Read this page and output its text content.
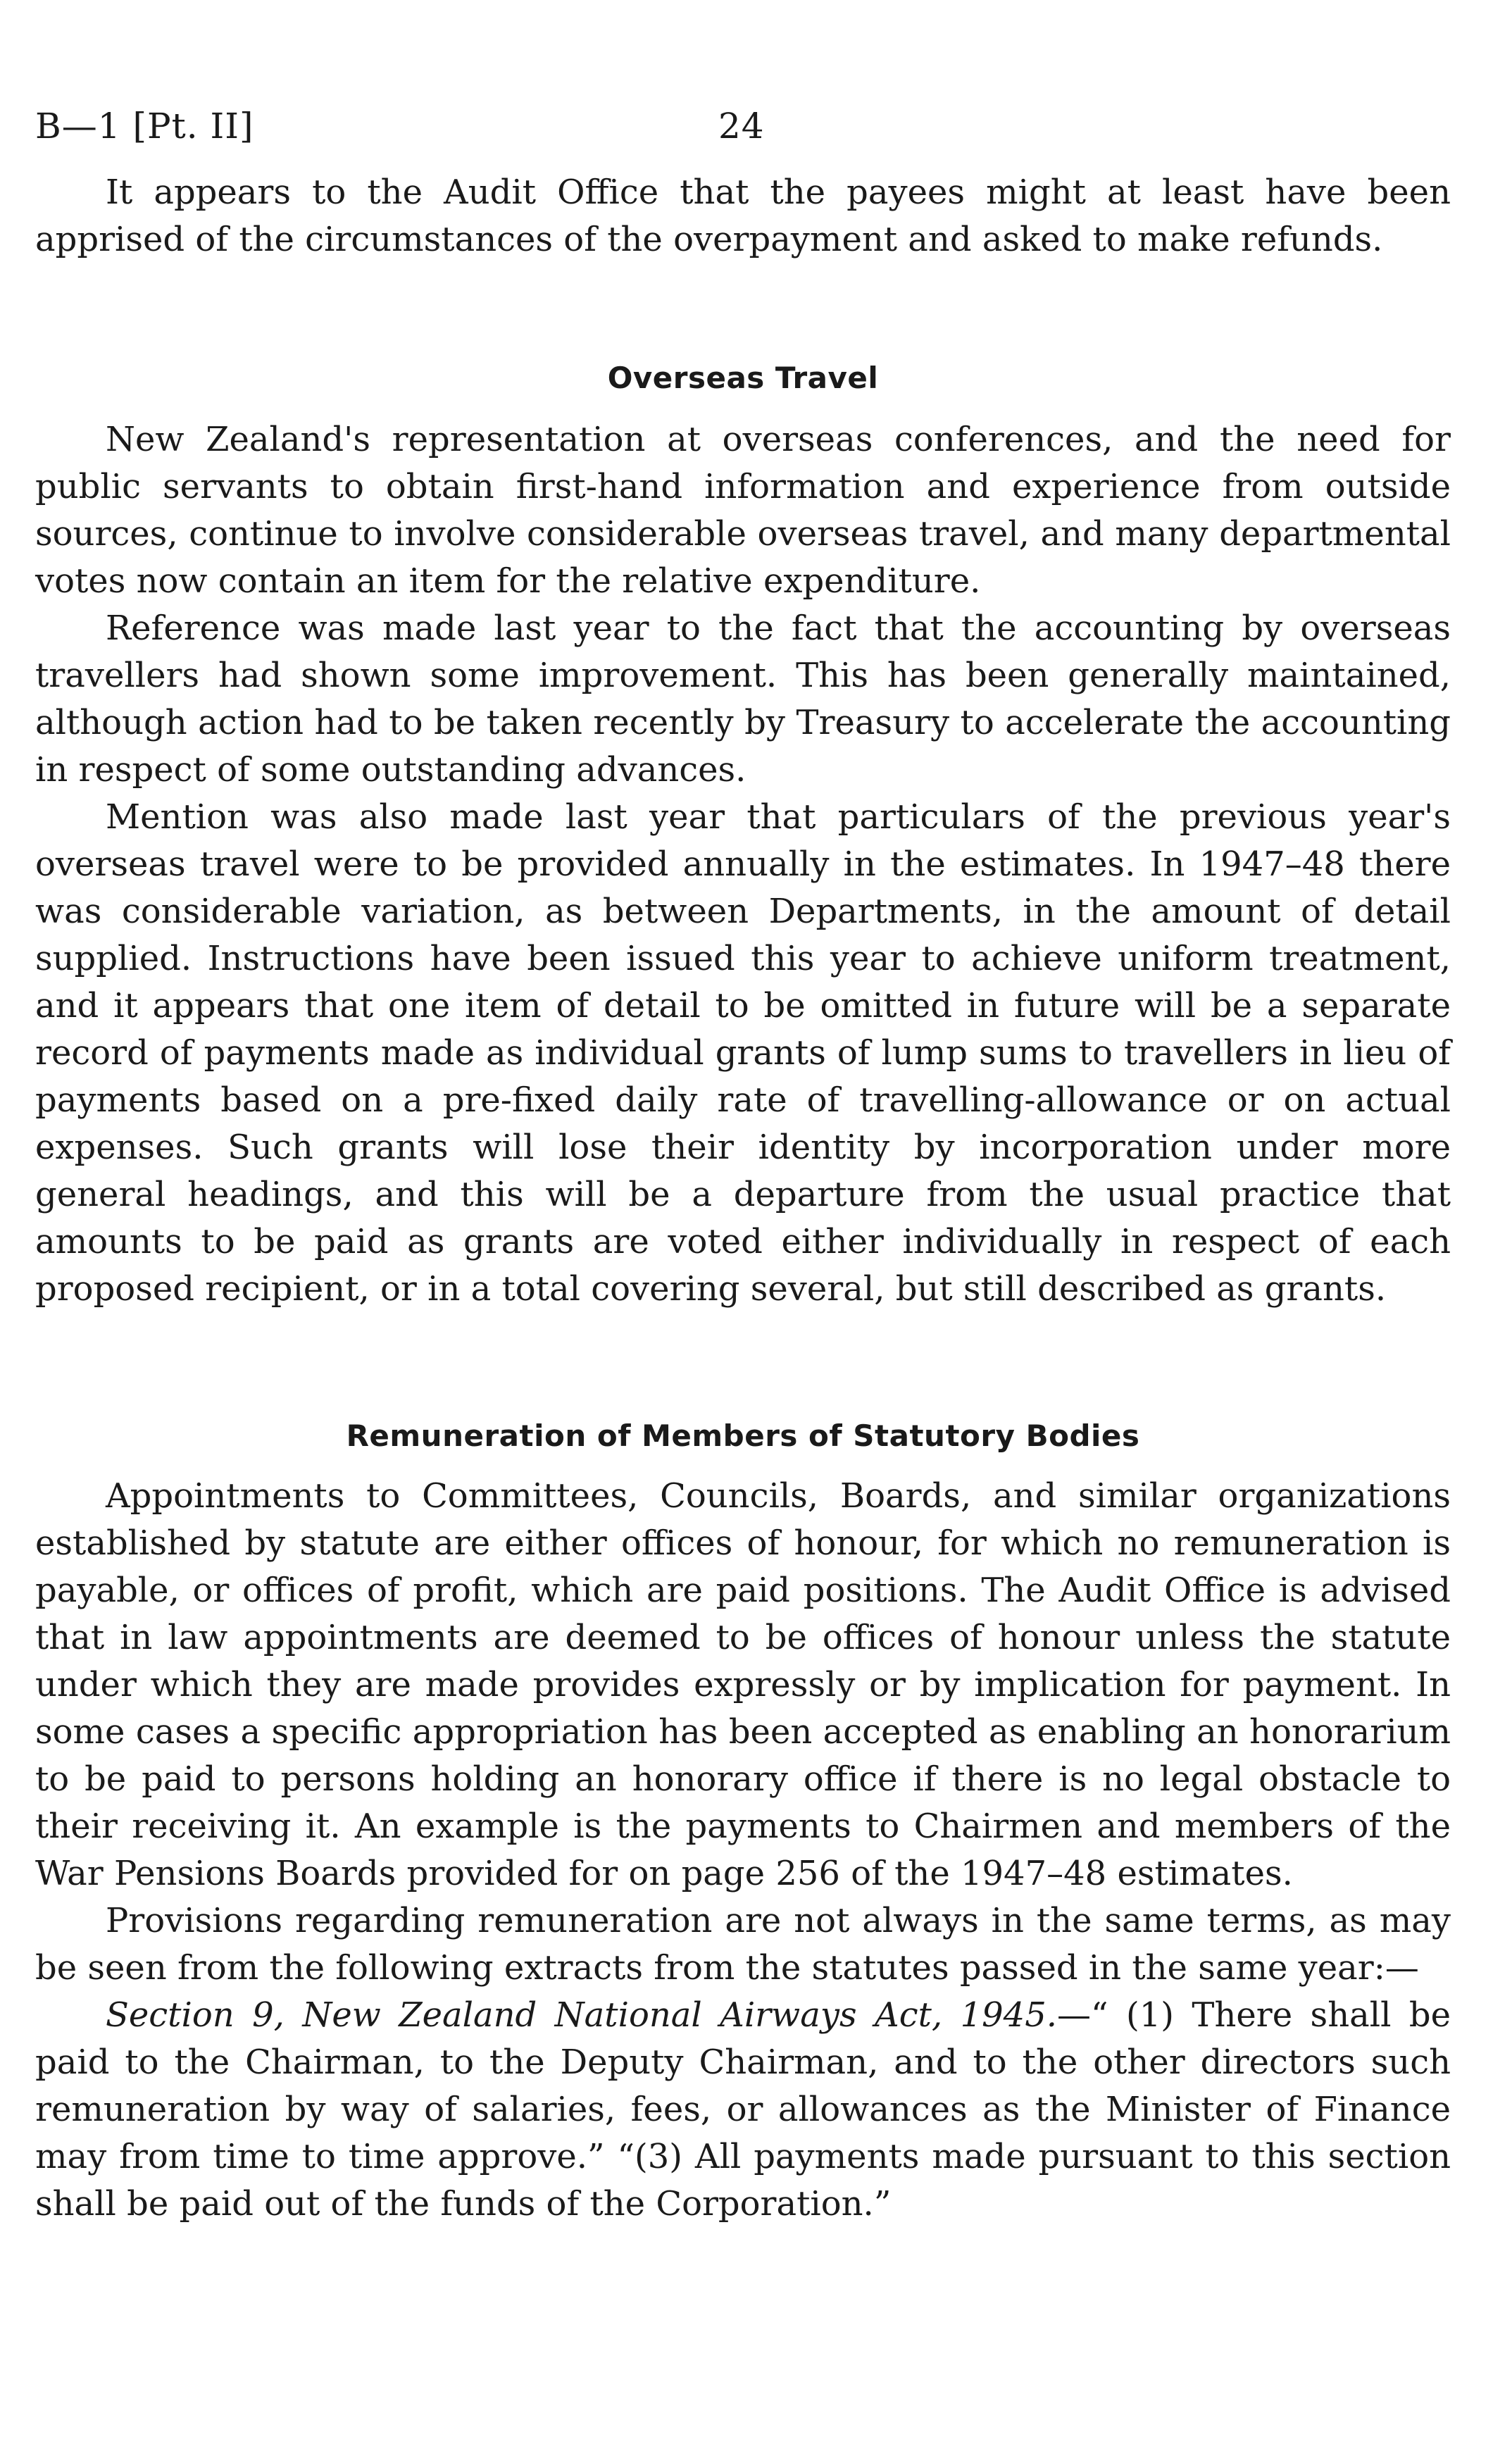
B—1 [Pt. II]	24

It appears to the Audit Office that the payees might at least have been apprised of the circumstances of the overpayment and asked to make refunds.

Overseas Travel

New Zealand's representation at overseas conferences, and the need for public servants to obtain first-hand information and experience from outside sources, continue to involve considerable overseas travel, and many departmental votes now contain an item for the relative expenditure.

Reference was made last year to the fact that the accounting by overseas travellers had shown some improvement. This has been generally maintained, although action had to be taken recently by Treasury to accelerate the accounting in respect of some outstanding advances.

Mention was also made last year that particulars of the previous year's overseas travel were to be provided annually in the estimates. In 1947–48 there was considerable variation, as between Departments, in the amount of detail supplied. Instructions have been issued this year to achieve uniform treatment, and it appears that one item of detail to be omitted in future will be a separate record of payments made as individual grants of lump sums to travellers in lieu of payments based on a pre-fixed daily rate of travelling-allowance or on actual expenses. Such grants will lose their identity by incorporation under more general headings, and this will be a departure from the usual practice that amounts to be paid as grants are voted either individually in respect of each proposed recipient, or in a total covering several, but still described as grants.

Remuneration of Members of Statutory Bodies

Appointments to Committees, Councils, Boards, and similar organizations established by statute are either offices of honour, for which no remuneration is payable, or offices of profit, which are paid positions. The Audit Office is advised that in law appointments are deemed to be offices of honour unless the statute under which they are made provides expressly or by implication for payment. In some cases a specific appropriation has been accepted as enabling an honorarium to be paid to persons holding an honorary office if there is no legal obstacle to their receiving it. An example is the payments to Chairmen and members of the War Pensions Boards provided for on page 256 of the 1947–48 estimates.

Provisions regarding remuneration are not always in the same terms, as may be seen from the following extracts from the statutes passed in the same year:—

Section 9, New Zealand National Airways Act, 1945.—“ (1) There shall be paid to the Chairman, to the Deputy Chairman, and to the other directors such remuneration by way of salaries, fees, or allowances as the Minister of Finance may from time to time approve.” “(3) All payments made pursuant to this section shall be paid out of the funds of the Corporation.”
